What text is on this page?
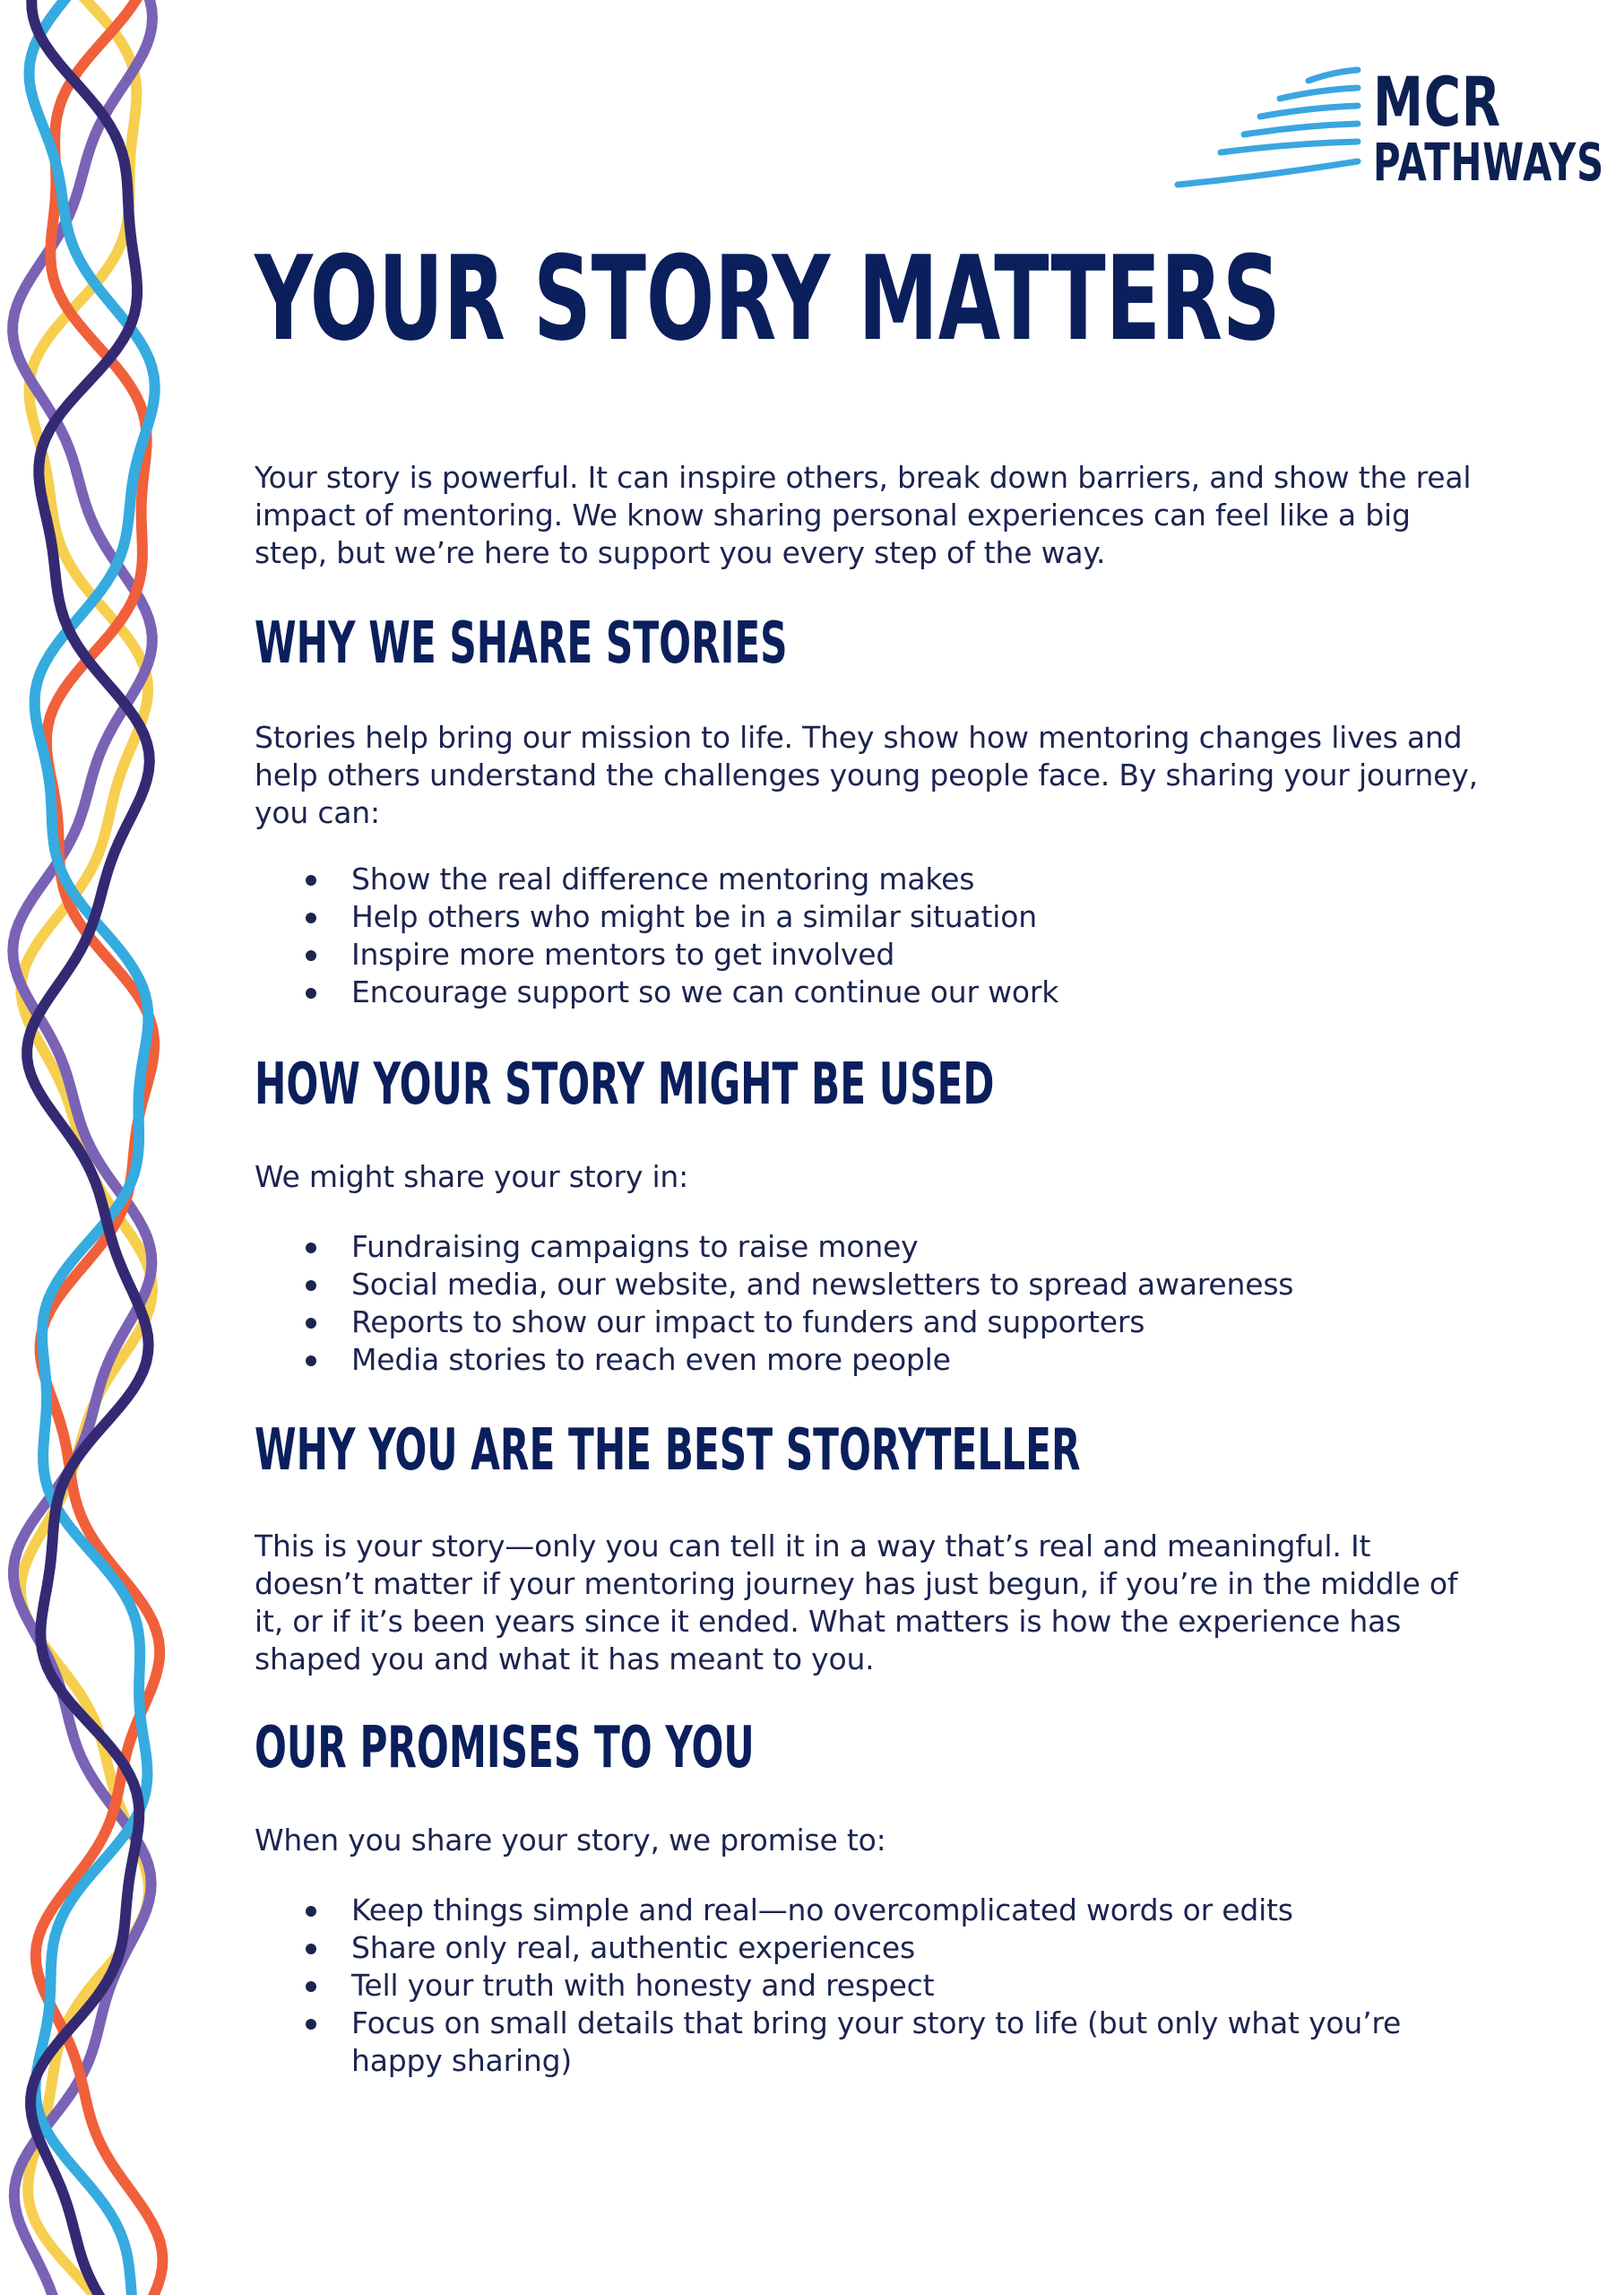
MCR
PATHWAYS
YOUR STORY MATTERS
Your story is powerful. It can inspire others, break down barriers, and show the real
impact of mentoring. We know sharing personal experiences can feel like a big
step, but we’re here to support you every step of the way.
WHY WE SHARE STORIES
Stories help bring our mission to life. They show how mentoring changes lives and
help others understand the challenges young people face. By sharing your journey,
you can:
Show the real difference mentoring makes
Help others who might be in a similar situation
Inspire more mentors to get involved
Encourage support so we can continue our work
HOW YOUR STORY MIGHT BE USED
We might share your story in:
Fundraising campaigns to raise money
Social media, our website, and newsletters to spread awareness
Reports to show our impact to funders and supporters
Media stories to reach even more people
WHY YOU ARE THE BEST STORYTELLER
This is your story—only you can tell it in a way that’s real and meaningful. It
doesn’t matter if your mentoring journey has just begun, if you’re in the middle of
it, or if it’s been years since it ended. What matters is how the experience has
shaped you and what it has meant to you.
OUR PROMISES TO YOU
When you share your story, we promise to:
Keep things simple and real—no overcomplicated words or edits
Share only real, authentic experiences
Tell your truth with honesty and respect
Focus on small details that bring your story to life (but only what you’re
happy sharing)
